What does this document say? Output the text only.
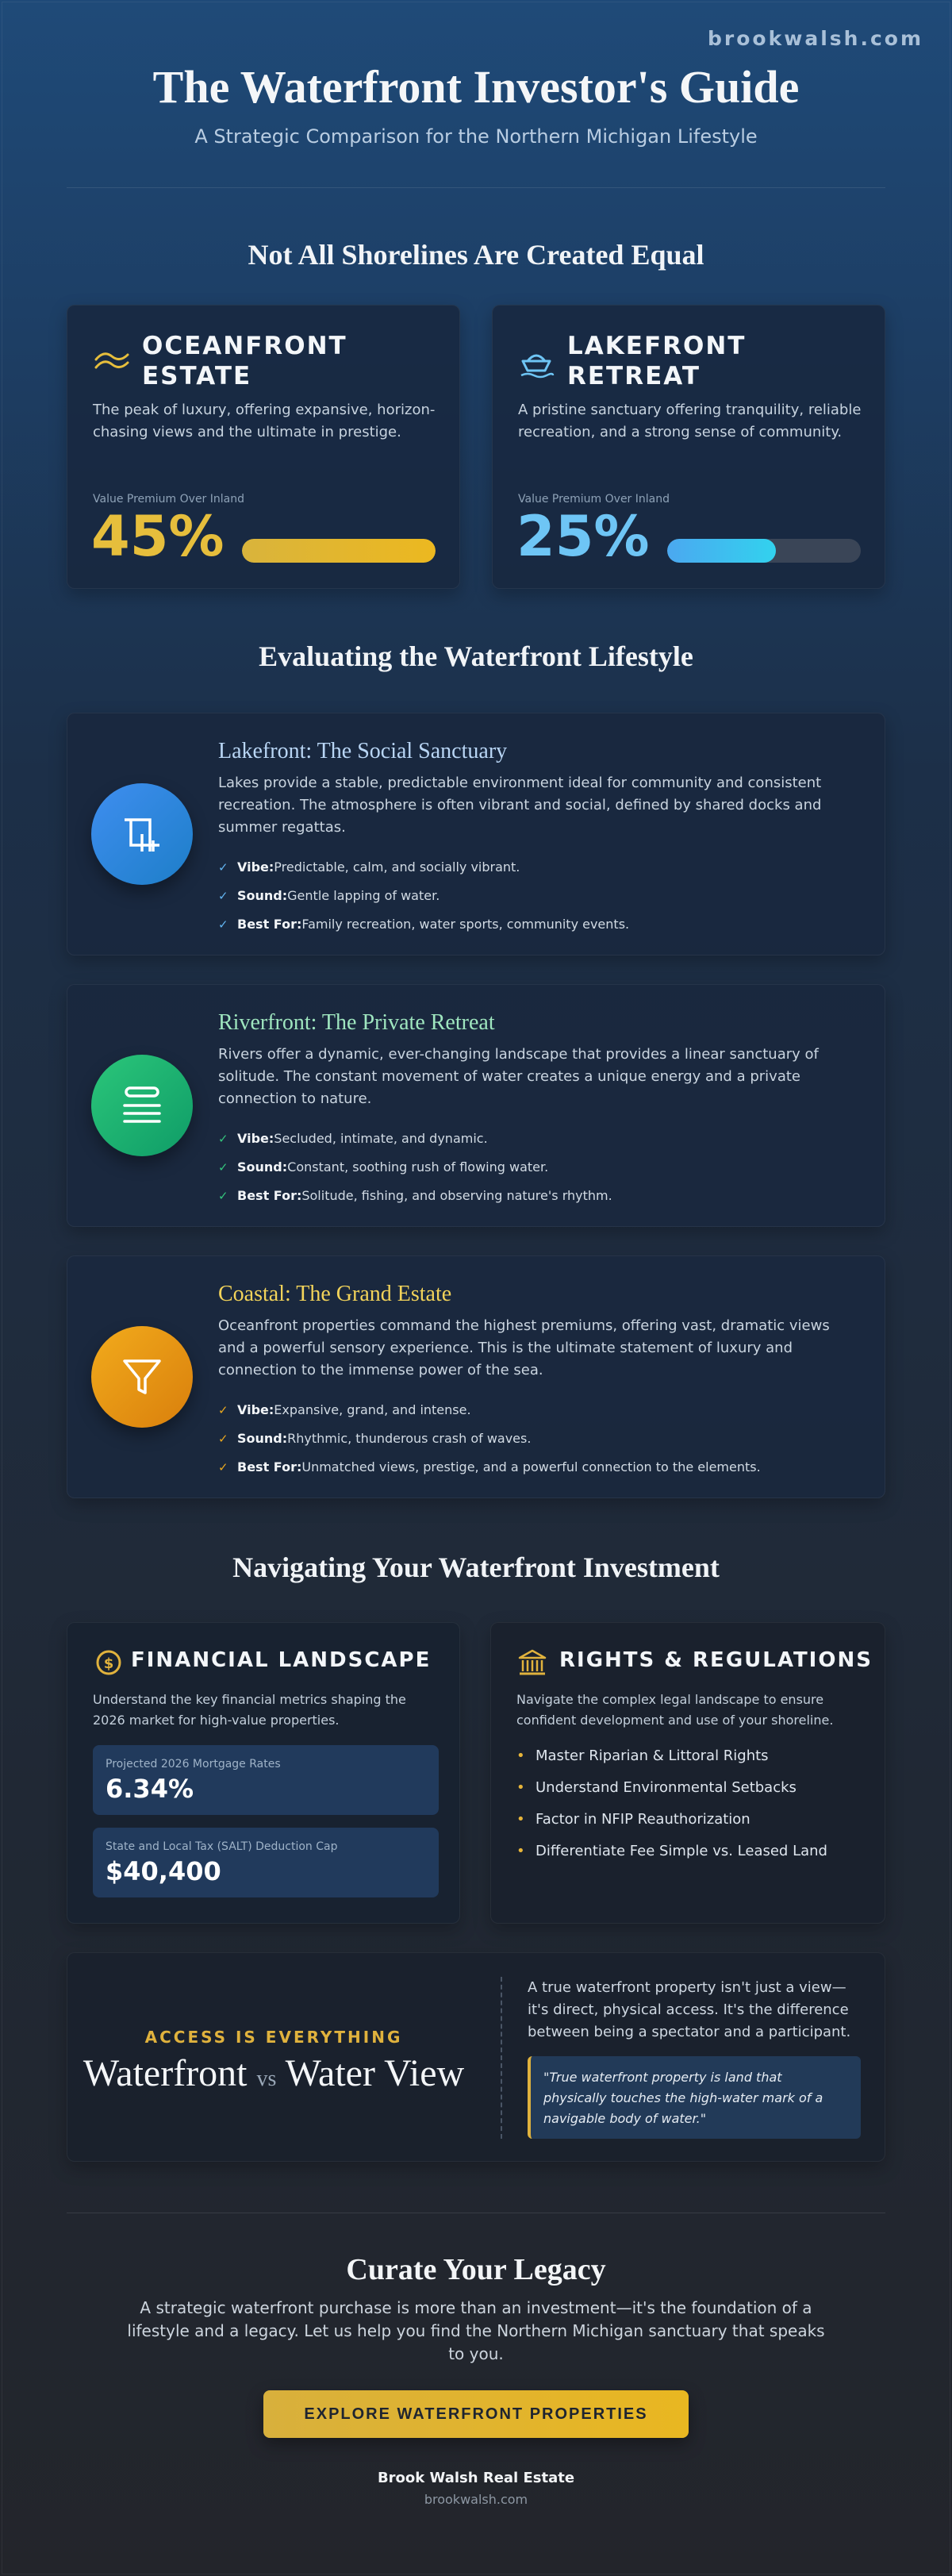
brookwalsh.com
The Waterfront Investor's Guide
A Strategic Comparison for the Northern Michigan Lifestyle
Not All Shorelines Are Created Equal
OCEANFRONT ESTATE

The peak of luxury, offering expansive, horizon-chasing views and the ultimate in prestige.

Value Premium Over Inland
45%
LAKEFRONT RETREAT

A pristine sanctuary offering tranquility, reliable recreation, and a strong sense of community.

Value Premium Over Inland
25%
Evaluating the Waterfront Lifestyle
Lakefront: The Social Sanctuary

Lakes provide a stable, predictable environment ideal for community and consistent recreation. The atmosphere is often vibrant and social, defined by shared docks and summer regattas.

✓ Vibe:Predictable, calm, and socially vibrant.
✓ Sound:Gentle lapping of water.
✓ Best For:Family recreation, water sports, community events.
Riverfront: The Private Retreat

Rivers offer a dynamic, ever-changing landscape that provides a linear sanctuary of solitude. The constant movement of water creates a unique energy and a private connection to nature.

✓ Vibe:Secluded, intimate, and dynamic.
✓ Sound:Constant, soothing rush of flowing water.
✓ Best For:Solitude, fishing, and observing nature's rhythm.
Coastal: The Grand Estate

Oceanfront properties command the highest premiums, offering vast, dramatic views and a powerful sensory experience. This is the ultimate statement of luxury and connection to the immense power of the sea.

✓ Vibe:Expansive, grand, and intense.
✓ Sound:Rhythmic, thunderous crash of waves.
✓ Best For:Unmatched views, prestige, and a powerful connection to the elements.
Navigating Your Waterfront Investment
$ FINANCIAL LANDSCAPE

Understand the key financial metrics shaping the 2026 market for high-value properties.

Projected 2026 Mortgage Rates
6.34%
State and Local Tax (SALT) Deduction Cap
$40,400
RIGHTS & REGULATIONS

Navigate the complex legal landscape to ensure confident development and use of your shoreline.

• Master Riparian & Littoral Rights
• Understand Environmental Setbacks
• Factor in NFIP Reauthorization
• Differentiate Fee Simple vs. Leased Land
ACCESS IS EVERYTHING
Waterfront vs Water View

A true waterfront property isn't just a view—it's direct, physical access. It's the difference between being a spectator and a participant.

"True waterfront property is land that physically touches the high-water mark of a navigable body of water."
Curate Your Legacy

A strategic waterfront purchase is more than an investment—it's the foundation of a lifestyle and a legacy. Let us help you find the Northern Michigan sanctuary that speaks to you.

EXPLORE WATERFRONT PROPERTIES
Brook Walsh Real Estate
brookwalsh.com
